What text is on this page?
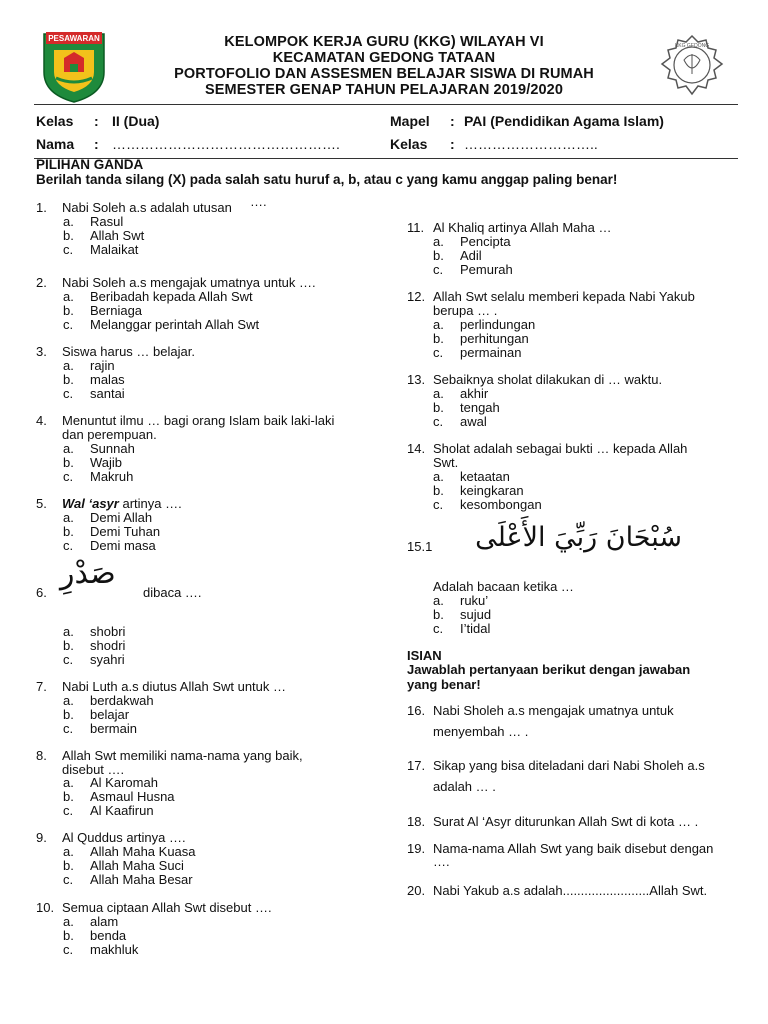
PESAWARAN	KELOMPOK KERJA GURU (KKG) WILAYAH VI
KECAMATAN GEDONG TATAAN
PORTOFOLIO DAN ASSESMEN BELAJAR SISWA DI RUMAH
SEMESTER GENAP TAHUN PELAJARAN 2019/2020
KKG GEDONG
Kelas : II (Dua)
Nama : ………………………………………….
Mapel : PAI (Pendidikan Agama Islam)
Kelas : ………………………..
PILIHAN GANDA
Berilah tanda silang (X) pada salah satu huruf a, b, atau c yang kamu anggap paling benar!
1. Nabi Soleh a.s adalah utusan ….
a. Rasul
b. Allah Swt
c. Malaikat
2. Nabi Soleh a.s mengajak umatnya untuk ….
a. Beribadah kepada Allah Swt
b. Berniaga
c. Melanggar perintah Allah Swt
3. Siswa harus … belajar.
a. rajin
b. malas
c. santai
4. Menuntut ilmu … bagi orang Islam baik laki-laki
dan perempuan.
a. Sunnah
b. Wajib
c. Makruh
5. Wal ‘asyr artinya ….
a. Demi Allah
b. Demi Tuhan
c. Demi masa
6.
صَدْرِ
dibaca ….
a. shobri
b. shodri
c. syahri
7. Nabi Luth a.s diutus Allah Swt untuk …
a. berdakwah
b. belajar
c. bermain
8. Allah Swt memiliki nama-nama yang baik,
disebut ….
a. Al Karomah
b. Asmaul Husna
c. Al Kaafirun
9. Al Quddus artinya ….
a. Allah Maha Kuasa
b. Allah Maha Suci
c. Allah Maha Besar
10. Semua ciptaan Allah Swt disebut ….
a. alam
b. benda
c. makhluk
11. Al Khaliq artinya Allah Maha …
a. Pencipta
b. Adil
c. Pemurah
12. Allah Swt selalu memberi kepada Nabi Yakub
berupa … .
a. perlindungan
b. perhitungan
c. permainan
13. Sebaiknya sholat dilakukan di … waktu.
a. akhir
b. tengah
c. awal
14. Sholat adalah sebagai bukti … kepada Allah
Swt.
a. ketaatan
b. keingkaran
c. kesombongan
15.1	سُبْحَانَ رَبِّيَ الأَعْلَى
Adalah bacaan ketika …
a. ruku’
b. sujud
c. I’tidal
ISIAN
Jawablah pertanyaan berikut dengan jawaban
yang benar!
16. Nabi Sholeh a.s mengajak umatnya untuk
menyembah … .
17. Sikap yang bisa diteladani dari Nabi Sholeh a.s
adalah … .
18. Surat Al ‘Asyr diturunkan Allah Swt di kota … .
19. Nama-nama Allah Swt yang baik disebut dengan
….
20. Nabi Yakub a.s adalah........................Allah Swt.
